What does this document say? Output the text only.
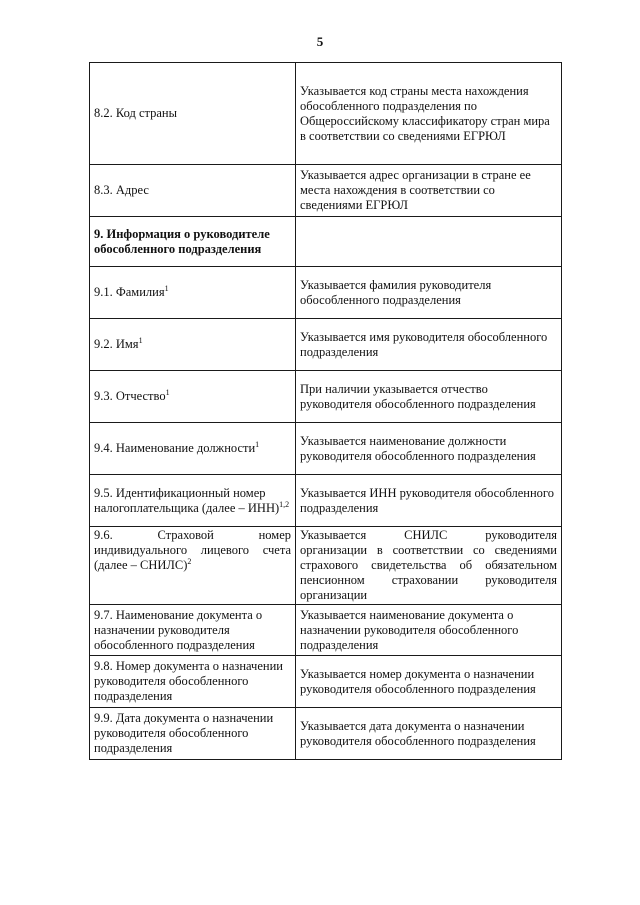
5
8.2. Код страны	Указывается код страны места нахождения обособленного подразделения по Общероссийскому классификатору стран мира в соответствии со сведениями ЕГРЮЛ
8.3. Адрес	Указывается адрес организации в стране ее места нахождения в соответствии со сведениями ЕГРЮЛ
9. Информация о руководителе обособленного подразделения	
9.1. Фамилия$^1$	Указывается фамилия руководителя обособленного подразделения
9.2. Имя$^1$	Указывается имя руководителя обособленного подразделения
9.3. Отчество$^1$	При наличии указывается отчество руководителя обособленного подразделения
9.4. Наименование должности$^1$	Указывается наименование должности руководителя обособленного подразделения
9.5. Идентификационный номер налогоплательщика (далее – ИНН)$^{1,2}$	Указывается ИНН руководителя обособленного подразделения
9.6. Страховой номер индивидуального лицевого счета (далее – СНИЛС)$^2$	Указывается СНИЛС руководителя организации в соответствии со сведениями страхового свидетельства об обязательном пенсионном страховании руководителя организации
9.7. Наименование документа о назначении руководителя обособленного подразделения	Указывается наименование документа о назначении руководителя обособленного подразделения
9.8. Номер документа о назначении руководителя обособленного подразделения	Указывается номер документа о назначении руководителя обособленного подразделения
9.9. Дата документа о назначении руководителя обособленного подразделения	Указывается дата документа о назначении руководителя обособленного подразделения
